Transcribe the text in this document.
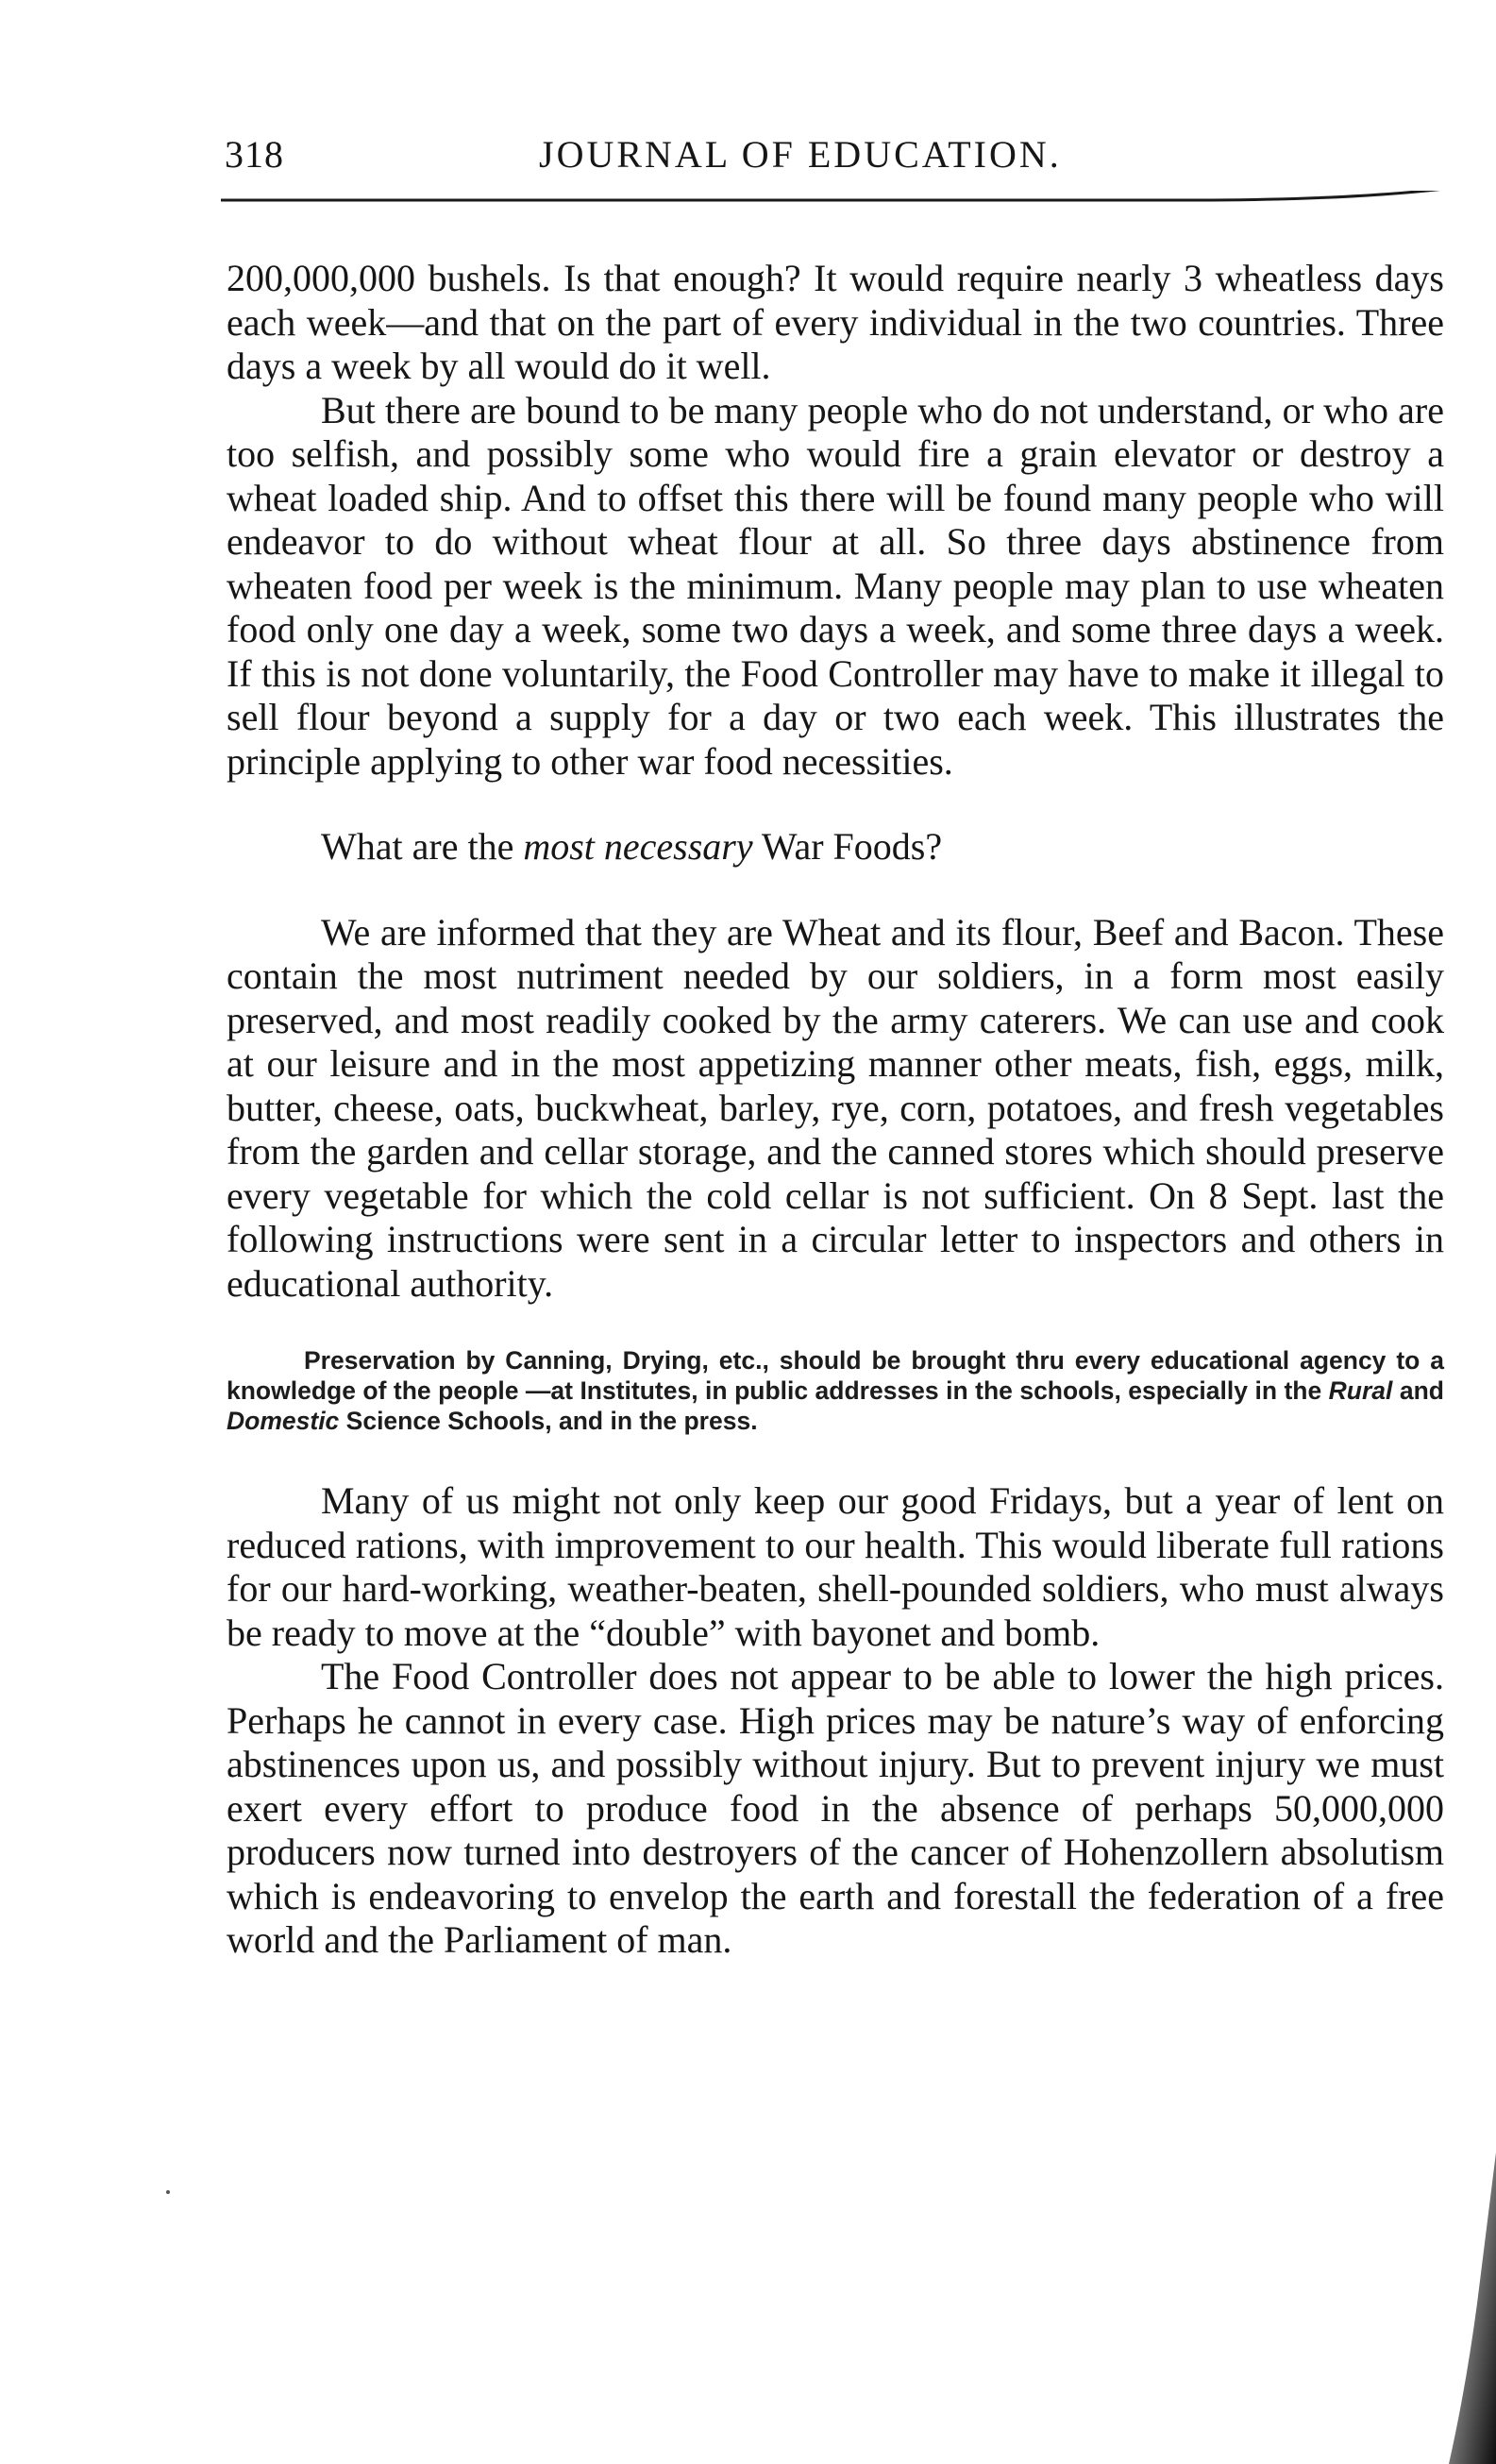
318	JOURNAL OF EDUCATION.

200,000,000 bushels. Is that enough? It would require nearly 3 wheatless days each week—and that on the part of every individual in the two countries. Three days a week by all would do it well.

But there are bound to be many people who do not understand, or who are too selfish, and possibly some who would fire a grain elevator or destroy a wheat loaded ship. And to offset this there will be found many people who will endeavor to do without wheat flour at all. So three days abstinence from wheaten food per week is the minimum. Many people may plan to use wheaten food only one day a week, some two days a week, and some three days a week. If this is not done voluntarily, the Food Controller may have to make it illegal to sell flour beyond a supply for a day or two each week. This illustrates the principle applying to other war food necessities.

What are the most necessary War Foods?

We are informed that they are Wheat and its flour, Beef and Bacon. These contain the most nutriment needed by our soldiers, in a form most easily preserved, and most readily cooked by the army caterers. We can use and cook at our leisure and in the most appetizing manner other meats, fish, eggs, milk, butter, cheese, oats, buckwheat, barley, rye, corn, potatoes, and fresh vegetables from the garden and cellar storage, and the canned stores which should preserve every vegetable for which the cold cellar is not sufficient. On 8 Sept. last the following instructions were sent in a circular letter to inspectors and others in educational authority.

Preservation by Canning, Drying, etc., should be brought thru every educational agency to a knowledge of the people —at Institutes, in public addresses in the schools, especially in the Rural and Domestic Science Schools, and in the press.

Many of us might not only keep our good Fridays, but a year of lent on reduced rations, with improvement to our health. This would liberate full rations for our hard-working, weather-beaten, shell-pounded soldiers, who must always be ready to move at the “double” with bayonet and bomb.

The Food Controller does not appear to be able to lower the high prices. Perhaps he cannot in every case. High prices may be nature’s way of enforcing abstinences upon us, and possibly without injury. But to prevent injury we must exert every effort to produce food in the absence of perhaps 50,000,000 producers now turned into destroyers of the cancer of Hohenzollern absolutism which is endeavoring to envelop the earth and forestall the federation of a free world and the Parliament of man.
